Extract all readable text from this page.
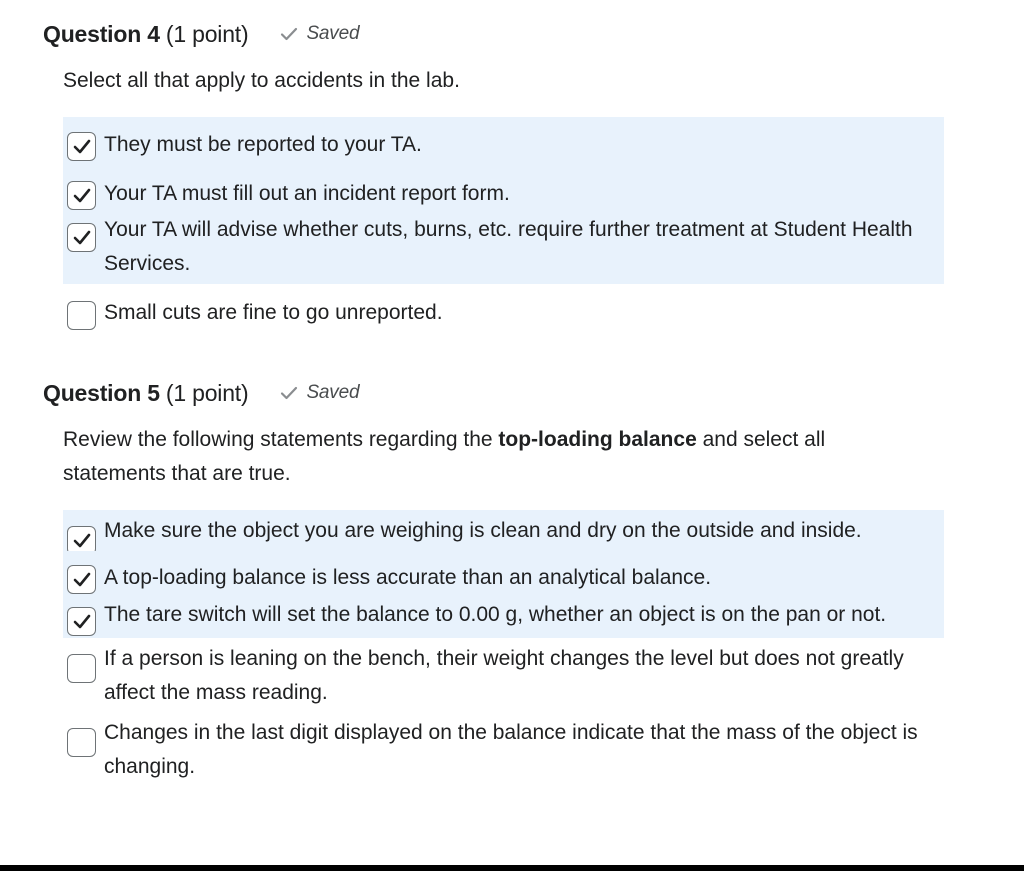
Question 4 (1 point)	Saved
Select all that apply to accidents in the lab.
They must be reported to your TA.
Your TA must fill out an incident report form.
Your TA will advise whether cuts, burns, etc. require further treatment at Student Health Services.
Small cuts are fine to go unreported.
Question 5 (1 point)	Saved
Review the following statements regarding the top-loading balance and select all statements that are true.
Make sure the object you are weighing is clean and dry on the outside and inside.
A top-loading balance is less accurate than an analytical balance.
The tare switch will set the balance to 0.00 g, whether an object is on the pan or not.
If a person is leaning on the bench, their weight changes the level but does not greatly affect the mass reading.
Changes in the last digit displayed on the balance indicate that the mass of the object is changing.
